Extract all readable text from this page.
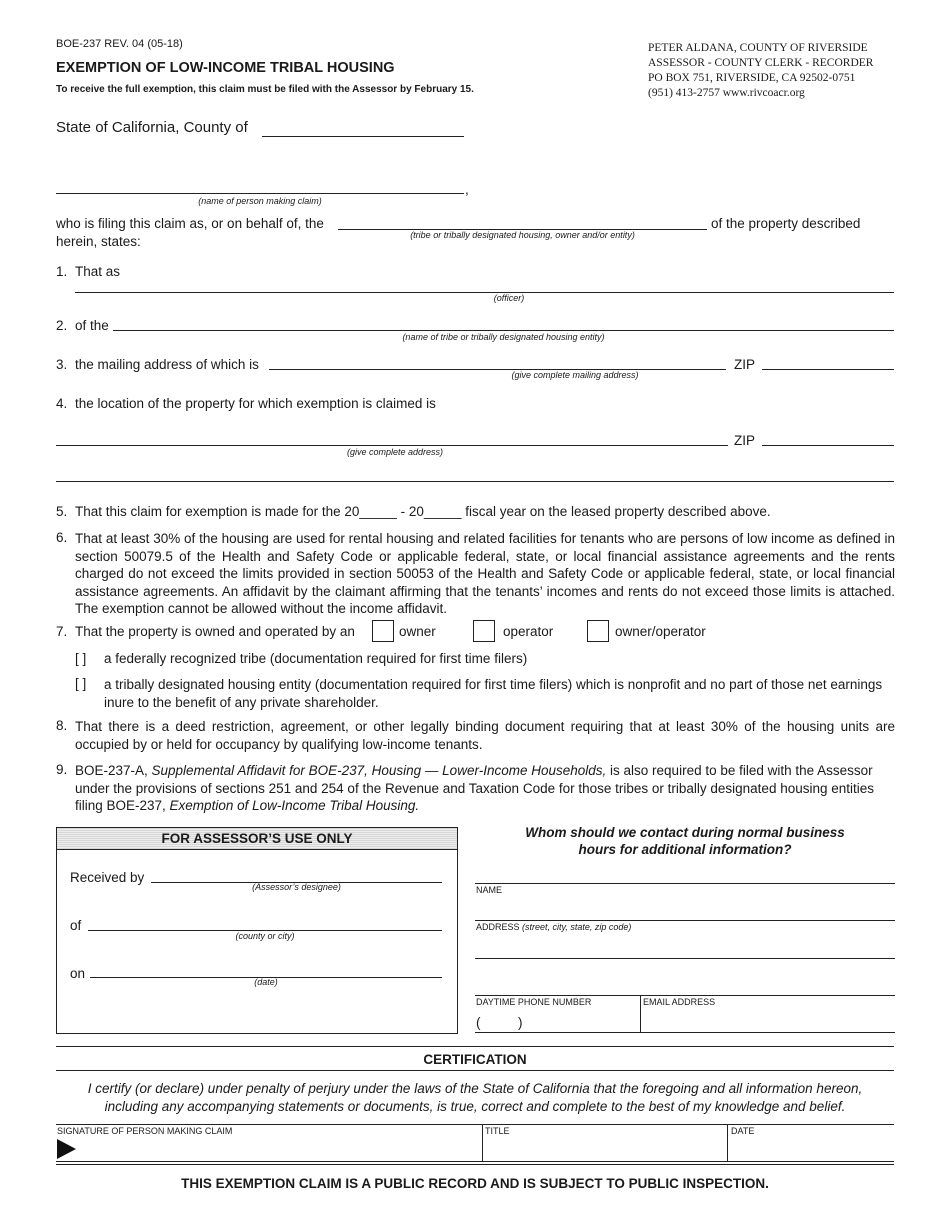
BOE-237 REV. 04 (05-18)
EXEMPTION OF LOW-INCOME TRIBAL HOUSING
To receive the full exemption, this claim must be filed with the Assessor by February 15.
PETER ALDANA, COUNTY OF RIVERSIDE
ASSESSOR - COUNTY CLERK - RECORDER
PO BOX 751, RIVERSIDE, CA 92502-0751
(951) 413-2757 www.rivcoacr.org
State of California, County of
,
(name of person making claim)
who is filing this claim as, or on behalf of, the
(tribe or tribally designated housing, owner and/or entity)
of the property described
herein, states:
1. That as
(officer)
2. of the
(name of tribe or tribally designated housing entity)
3. the mailing address of which is
(give complete mailing address)
ZIP
4. the location of the property for which exemption is claimed is
(give complete address)
ZIP
5. That this claim for exemption is made for the 20_____ - 20_____ fiscal year on the leased property described above.
6. That at least 30% of the housing are used for rental housing and related facilities for tenants who are persons of low income as defined in section 50079.5 of the Health and Safety Code or applicable federal, state, or local financial assistance agreements and the rents charged do not exceed the limits provided in section 50053 of the Health and Safety Code or applicable federal, state, or local financial assistance agreements. An affidavit by the claimant affirming that the tenants’ incomes and rents do not exceed those limits is attached. The exemption cannot be allowed without the income affidavit.
7. That the property is owned and operated by an	owner	operator	owner/operator
[ ] a federally recognized tribe (documentation required for first time filers)
[ ] a tribally designated housing entity (documentation required for first time filers) which is nonprofit and no part of those net earnings inure to the benefit of any private shareholder.
8. That there is a deed restriction, agreement, or other legally binding document requiring that at least 30% of the housing units are occupied by or held for occupancy by qualifying low-income tenants.
9. BOE-237-A, Supplemental Affidavit for BOE-237, Housing — Lower-Income Households, is also required to be filed with the Assessor under the provisions of sections 251 and 254 of the Revenue and Taxation Code for those tribes or tribally designated housing entities filing BOE-237, Exemption of Low-Income Tribal Housing.
FOR ASSESSOR’S USE ONLY
Received by
(Assessor’s designee)
of
(county or city)
on
(date)
Whom should we contact during normal business
hours for additional information?
NAME
ADDRESS (street, city, state, zip code)
DAYTIME PHONE NUMBER
(          )
EMAIL ADDRESS
CERTIFICATION
I certify (or declare) under penalty of perjury under the laws of the State of California that the foregoing and all information hereon,
including any accompanying statements or documents, is true, correct and complete to the best of my knowledge and belief.
SIGNATURE OF PERSON MAKING CLAIM	TITLE	DATE
THIS EXEMPTION CLAIM IS A PUBLIC RECORD AND IS SUBJECT TO PUBLIC INSPECTION.
